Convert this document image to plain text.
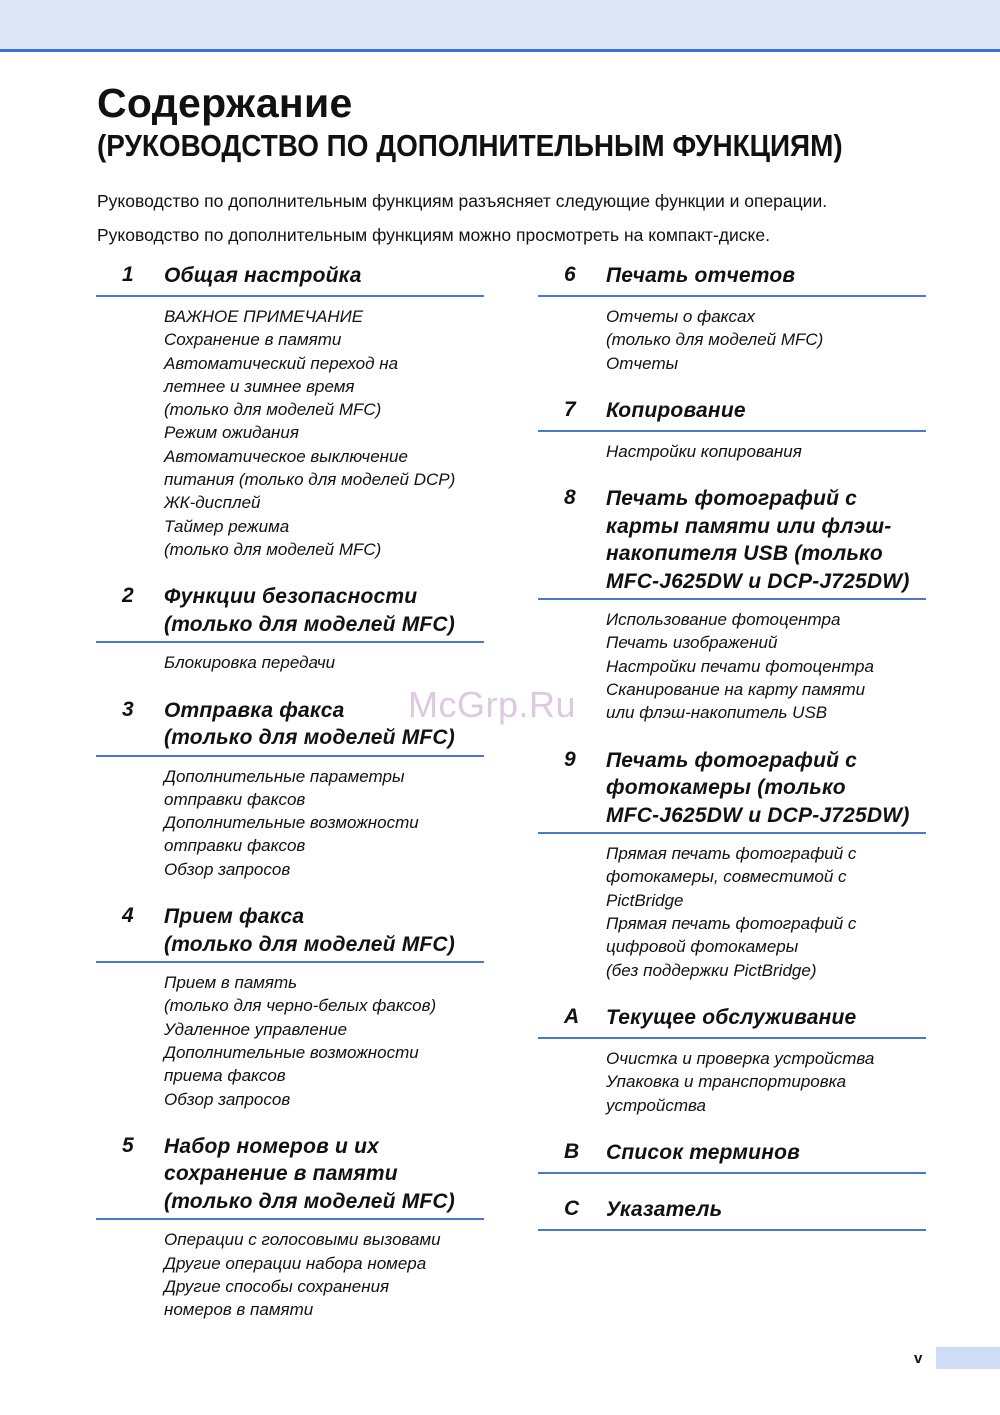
Содержание
(РУКОВОДСТВО ПО ДОПОЛНИТЕЛЬНЫМ ФУНКЦИЯМ)
Руководство по дополнительным функциям разъясняет следующие функции и операции.
Руководство по дополнительным функциям можно просмотреть на компакт-диске.
1 Общая настройка
ВАЖНОЕ ПРИМЕЧАНИЕ
Сохранение в памяти
Автоматический переход на
летнее и зимнее время
(только для моделей MFC)
Режим ожидания
Автоматическое выключение
питания (только для моделей DCP)
ЖК-дисплей
Таймер режима
(только для моделей MFC)
2 Функции безопасности
(только для моделей MFC)
Блокировка передачи
3 Отправка факса
(только для моделей MFC)
Дополнительные параметры
отправки факсов
Дополнительные возможности
отправки факсов
Обзор запросов
4 Прием факса
(только для моделей MFC)
Прием в память
(только для черно-белых факсов)
Удаленное управление
Дополнительные возможности
приема факсов
Обзор запросов
5 Набор номеров и их
сохранение в памяти
(только для моделей MFC)
Операции с голосовыми вызовами
Другие операции набора номера
Другие способы сохранения
номеров в памяти
6 Печать отчетов
Отчеты о факсах
(только для моделей MFC)
Отчеты
7 Копирование
Настройки копирования
8 Печать фотографий с
карты памяти или флэш-
накопителя USB (только
MFC-J625DW и DCP-J725DW)
Использование фотоцентра
Печать изображений
Настройки печати фотоцентра
Сканирование на карту памяти
или флэш-накопитель USB
9 Печать фотографий с
фотокамеры (только
MFC-J625DW и DCP-J725DW)
Прямая печать фотографий с
фотокамеры, совместимой с
PictBridge
Прямая печать фотографий с
цифровой фотокамеры
(без поддержки PictBridge)
A Текущее обслуживание
Очистка и проверка устройства
Упаковка и транспортировка
устройства
B Список терминов
C Указатель
McGrp.Ru
v
